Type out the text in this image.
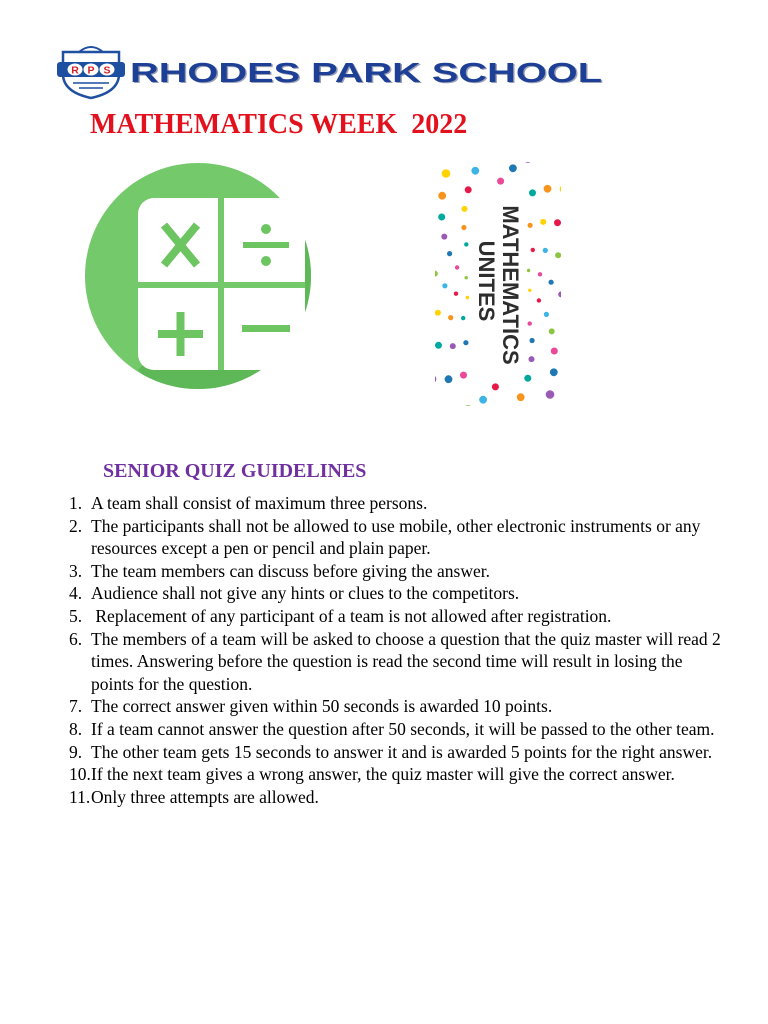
RPS RHODES PARK SCHOOL
MATHEMATICS WEEK  2022
MATHEMATICS
UNITES
SENIOR QUIZ GUIDELINES
1. A team shall consist of maximum three persons.
2. The participants shall not be allowed to use mobile, other electronic instruments or any resources except a pen or pencil and plain paper.
3. The team members can discuss before giving the answer.
4. Audience shall not give any hints or clues to the competitors.
5. Replacement of any participant of a team is not allowed after registration.
6. The members of a team will be asked to choose a question that the quiz master will read 2 times. Answering before the question is read the second time will result in losing the points for the question.
7. The correct answer given within 50 seconds is awarded 10 points.
8. If a team cannot answer the question after 50 seconds, it will be passed to the other team.
9. The other team gets 15 seconds to answer it and is awarded 5 points for the right answer.
10. If the next team gives a wrong answer, the quiz master will give the correct answer.
11. Only three attempts are allowed.
